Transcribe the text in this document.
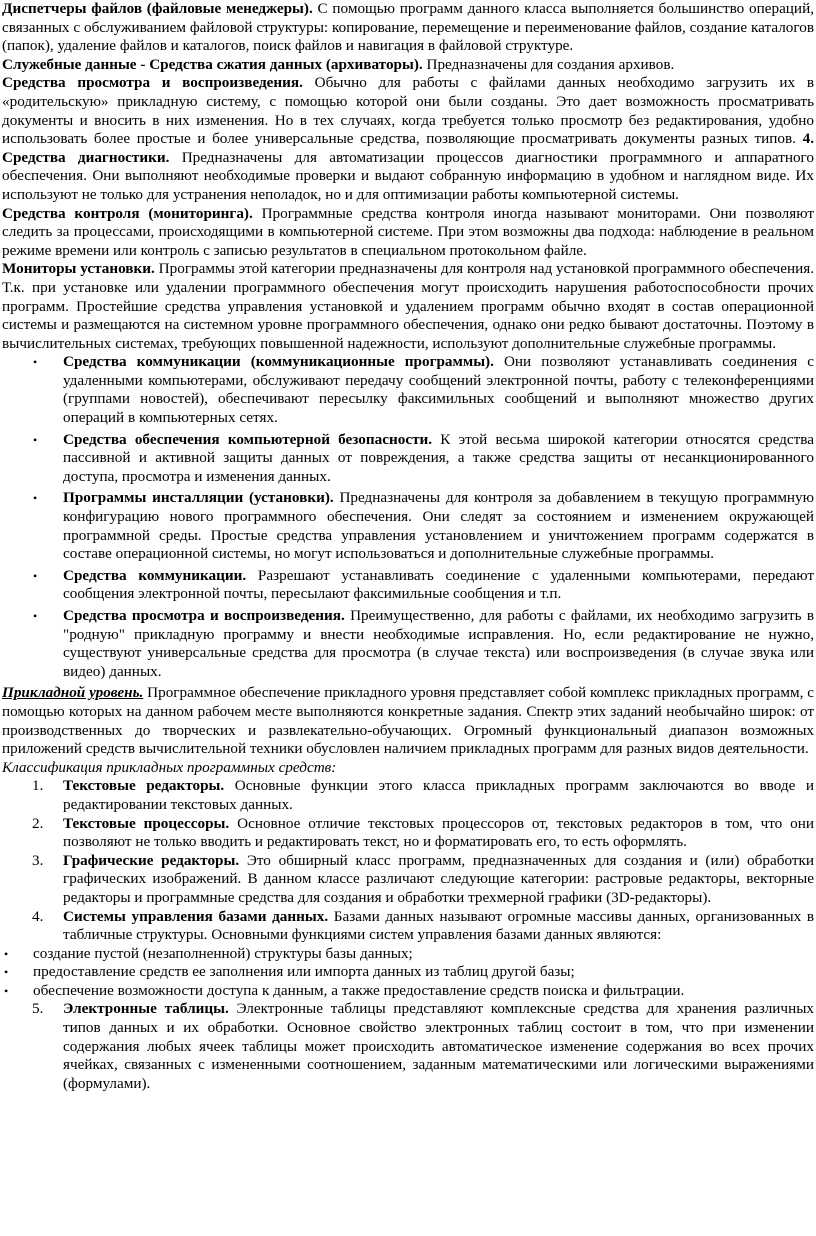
Диспетчеры файлов (файловые менеджеры). С помощью программ данного класса выполняется большинство операций, связанных с обслуживанием файловой структуры: копирование, перемещение и переименование файлов, создание каталогов (папок), удаление файлов и каталогов, поиск файлов и навигация в файловой структуре.

Служебные данные - Средства сжатия данных (архиваторы). Предназначены для создания архивов.

Средства просмотра и воспроизведения. Обычно для работы с файлами данных необходимо загрузить их в «родительскую» прикладную систему, с помощью которой они были созданы. Это дает возможность просматривать документы и вносить в них изменения. Но в тех случаях, когда требуется только просмотр без редактирования, удобно использовать более простые и более универсальные средства, позволяющие просматривать документы разных типов. 4. Средства диагностики. Предназначены для автоматизации процессов диагностики программного и аппаратного обеспечения. Они выполняют необходимые проверки и выдают собранную информацию в удобном и наглядном виде. Их используют не только для устранения неполадок, но и для оптимизации работы компьютерной системы.

Средства контроля (мониторинга). Программные средства контроля иногда называют мониторами. Они позволяют следить за процессами, происходящими в компьютерной системе. При этом возможны два подхода: наблюдение в реальном режиме времени или контроль с записью результатов в специальном протокольном файле.

Мониторы установки. Программы этой категории предназначены для контроля над установкой программного обеспечения. Т.к. при установке или удалении программного обеспечения могут происходить нарушения работоспособности прочих программ. Простейшие средства управления установкой и удалением программ обычно входят в состав операционной системы и размещаются на системном уровне программного обеспечения, однако они редко бывают достаточны. Поэтому в вычислительных системах, требующих повышенной надежности, используют дополнительные служебные программы.

• Средства коммуникации (коммуникационные программы). Они позволяют устанавливать соединения с удаленными компьютерами, обслуживают передачу сообщений электронной почты, работу с телеконференциями (группами новостей), обеспечивают пересылку факсимильных сообщений и выполняют множество других операций в компьютерных сетях.
• Средства обеспечения компьютерной безопасности. К этой весьма широкой категории относятся средства пассивной и активной защиты данных от повреждения, а также средства защиты от несанкционированного доступа, просмотра и изменения данных.
• Программы инсталляции (установки). Предназначены для контроля за добавлением в текущую программную конфигурацию нового программного обеспечения. Они следят за состоянием и изменением окружающей программной среды. Простые средства управления установлением и уничтожением программ содержатся в составе операционной системы, но могут использоваться и дополнительные служебные программы.
• Средства коммуникации. Разрешают устанавливать соединение с удаленными компьютерами, передают сообщения электронной почты, пересылают факсимильные сообщения и т.п.
• Средства просмотра и воспроизведения. Преимущественно, для работы с файлами, их необходимо загрузить в "родную" прикладную программу и внести необходимые исправления. Но, если редактирование не нужно, существуют универсальные средства для просмотра (в случае текста) или воспроизведения (в случае звука или видео) данных.

Прикладной уровень. Программное обеспечение прикладного уровня представляет собой комплекс прикладных программ, с помощью которых на данном рабочем месте выполняются конкретные задания. Спектр этих заданий необычайно широк: от производственных до творческих и развлекательно-обучающих. Огромный функциональный диапазон возможных приложений средств вычислительной техники обусловлен наличием прикладных программ для разных видов деятельности.

Классификация прикладных программных средств:

1. Текстовые редакторы. Основные функции этого класса прикладных программ заключаются во вводе и редактировании текстовых данных.
2. Текстовые процессоры. Основное отличие текстовых процессоров от, текстовых редакторов в том, что они позволяют не только вводить и редактировать текст, но и форматировать его, то есть оформлять.
3. Графические редакторы. Это обширный класс программ, предназначенных для создания и (или) обработки графических изображений. В данном классе различают следующие категории: растровые редакторы, векторные редакторы и программные средства для создания и обработки трехмерной графики (3D-редакторы).
4. Системы управления базами данных. Базами данных называют огромные массивы данных, организованных в табличные структуры. Основными функциями систем управления базами данных являются:
• создание пустой (незаполненной) структуры базы данных;
• предоставление средств ее заполнения или импорта данных из таблиц другой базы;
• обеспечение возможности доступа к данным, а также предоставление средств поиска и фильтрации.
5. Электронные таблицы. Электронные таблицы представляют комплексные средства для хранения различных типов данных и их обработки. Основное свойство электронных таблиц состоит в том, что при изменении содержания любых ячеек таблицы может происходить автоматическое изменение содержания во всех прочих ячейках, связанных с измененными соотношением, заданным математическими или логическими выражениями (формулами).
